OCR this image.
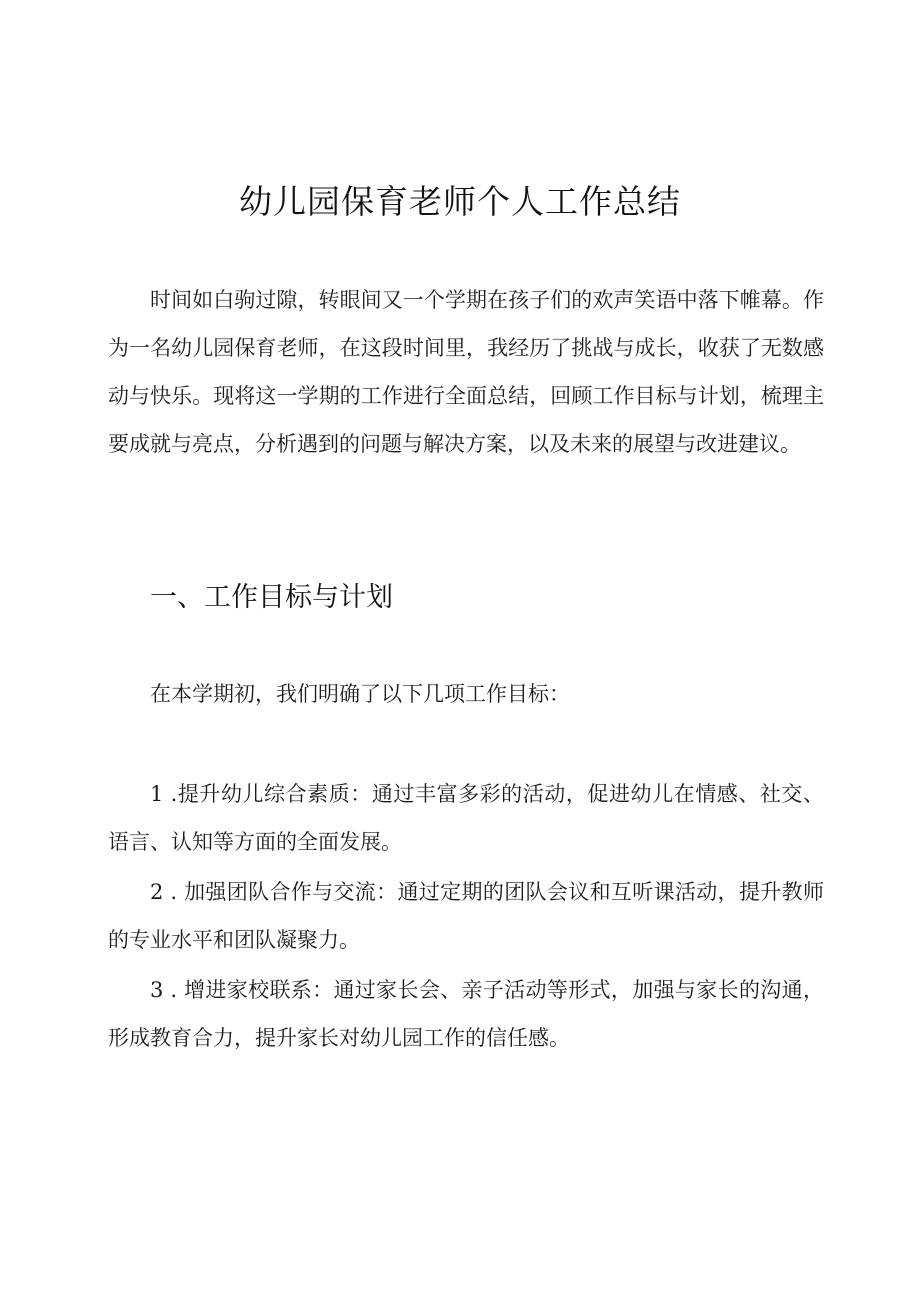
幼儿园保育老师个人工作总结

时间如白驹过隙，转眼间又一个学期在孩子们的欢声笑语中落下帷幕。作为一名幼儿园保育老师，在这段时间里，我经历了挑战与成长，收获了无数感动与快乐。现将这一学期的工作进行全面总结，回顾工作目标与计划，梳理主要成就与亮点，分析遇到的问题与解决方案，以及未来的展望与改进建议。

一、工作目标与计划

在本学期初，我们明确了以下几项工作目标：

1 .提升幼儿综合素质：通过丰富多彩的活动，促进幼儿在情感、社交、语言、认知等方面的全面发展。

2 . 加强团队合作与交流：通过定期的团队会议和互听课活动，提升教师的专业水平和团队凝聚力。

3 . 增进家校联系：通过家长会、亲子活动等形式，加强与家长的沟通，形成教育合力，提升家长对幼儿园工作的信任感。
